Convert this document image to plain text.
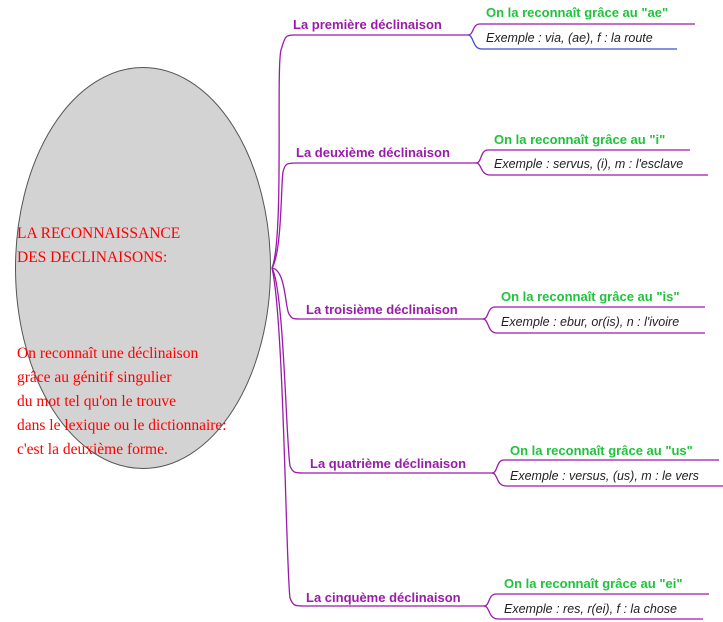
LA RECONNAISSANCE
DES DECLINAISONS:

On reconnaît une déclinaison
grâce au génitif singulier
du mot tel qu'on le trouve
dans le lexique ou le dictionnaire:
c'est la deuxième forme.

La première déclinaison
On la reconnaît grâce au "ae"
Exemple : via, (ae), f : la route
La deuxième déclinaison
On la reconnaît grâce au "i"
Exemple : servus, (i), m : l'esclave
La troisième déclinaison
On la reconnaît grâce au "is"
Exemple : ebur, or(is), n : l'ivoire
La quatrième déclinaison
On la reconnaît grâce au "us"
Exemple : versus, (us), m : le vers
La cinquème déclinaison
On la reconnaît grâce au "ei"
Exemple : res, r(ei), f : la chose
